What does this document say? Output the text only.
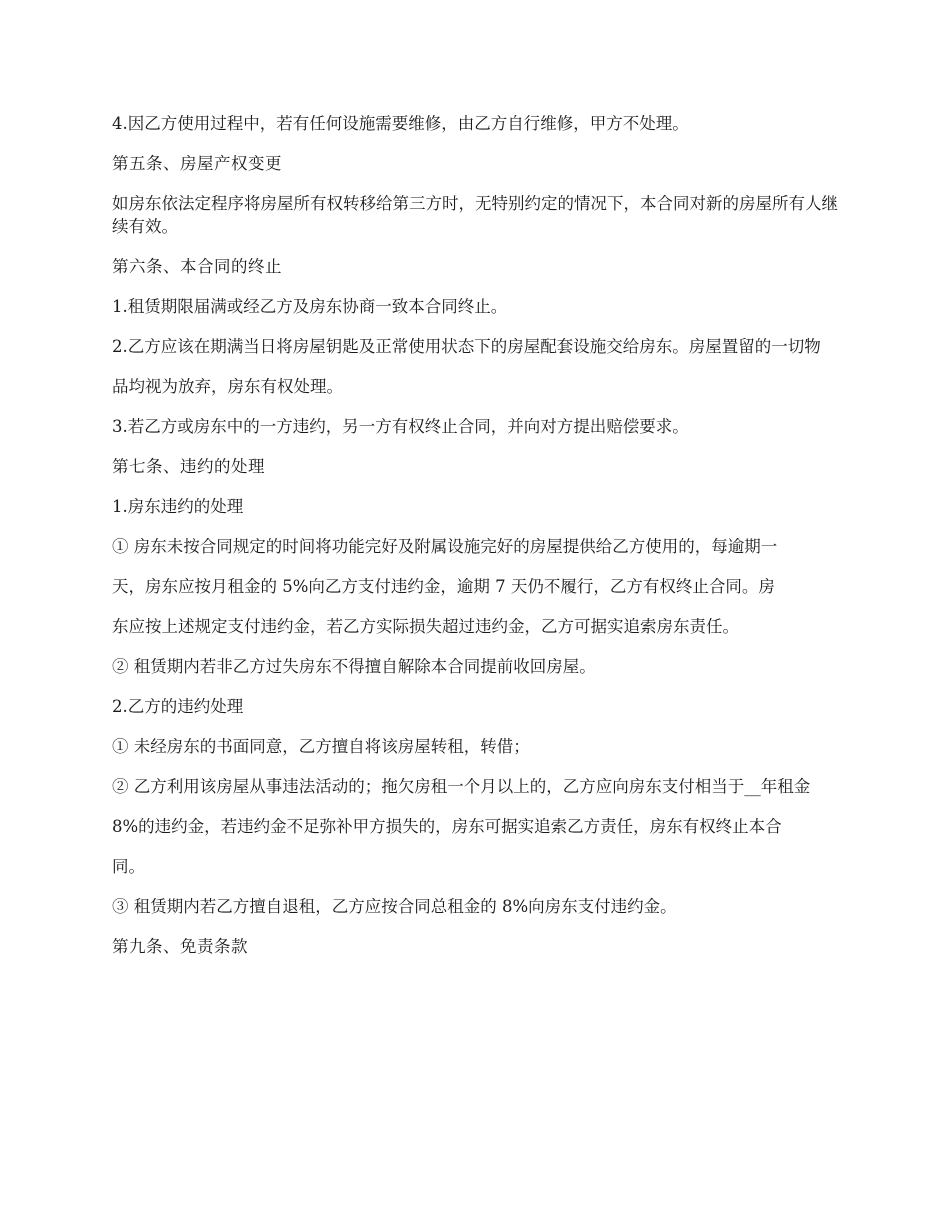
4.因乙方使用过程中，若有任何设施需要维修，由乙方自行维修，甲方不处理。

第五条、房屋产权变更

如房东依法定程序将房屋所有权转移给第三方时，无特别约定的情况下，本合同对新的房屋所有人继续有效。

第六条、本合同的终止

1.租赁期限届满或经乙方及房东协商一致本合同终止。

2.乙方应该在期满当日将房屋钥匙及正常使用状态下的房屋配套设施交给房东。房屋置留的一切物

品均视为放弃，房东有权处理。

3.若乙方或房东中的一方违约，另一方有权终止合同，并向对方提出赔偿要求。

第七条、违约的处理

1.房东违约的处理

① 房东未按合同规定的时间将功能完好及附属设施完好的房屋提供给乙方使用的，每逾期一

天，房东应按月租金的 5%向乙方支付违约金，逾期 7 天仍不履行，乙方有权终止合同。房

东应按上述规定支付违约金，若乙方实际损失超过违约金，乙方可据实追索房东责任。

② 租赁期内若非乙方过失房东不得擅自解除本合同提前收回房屋。

2.乙方的违约处理

① 未经房东的书面同意，乙方擅自将该房屋转租，转借；

② 乙方利用该房屋从事违法活动的；拖欠房租一个月以上的，乙方应向房东支付相当于__年租金

8%的违约金，若违约金不足弥补甲方损失的，房东可据实追索乙方责任，房东有权终止本合

同。

③ 租赁期内若乙方擅自退租，乙方应按合同总租金的 8%向房东支付违约金。

第九条、免责条款
